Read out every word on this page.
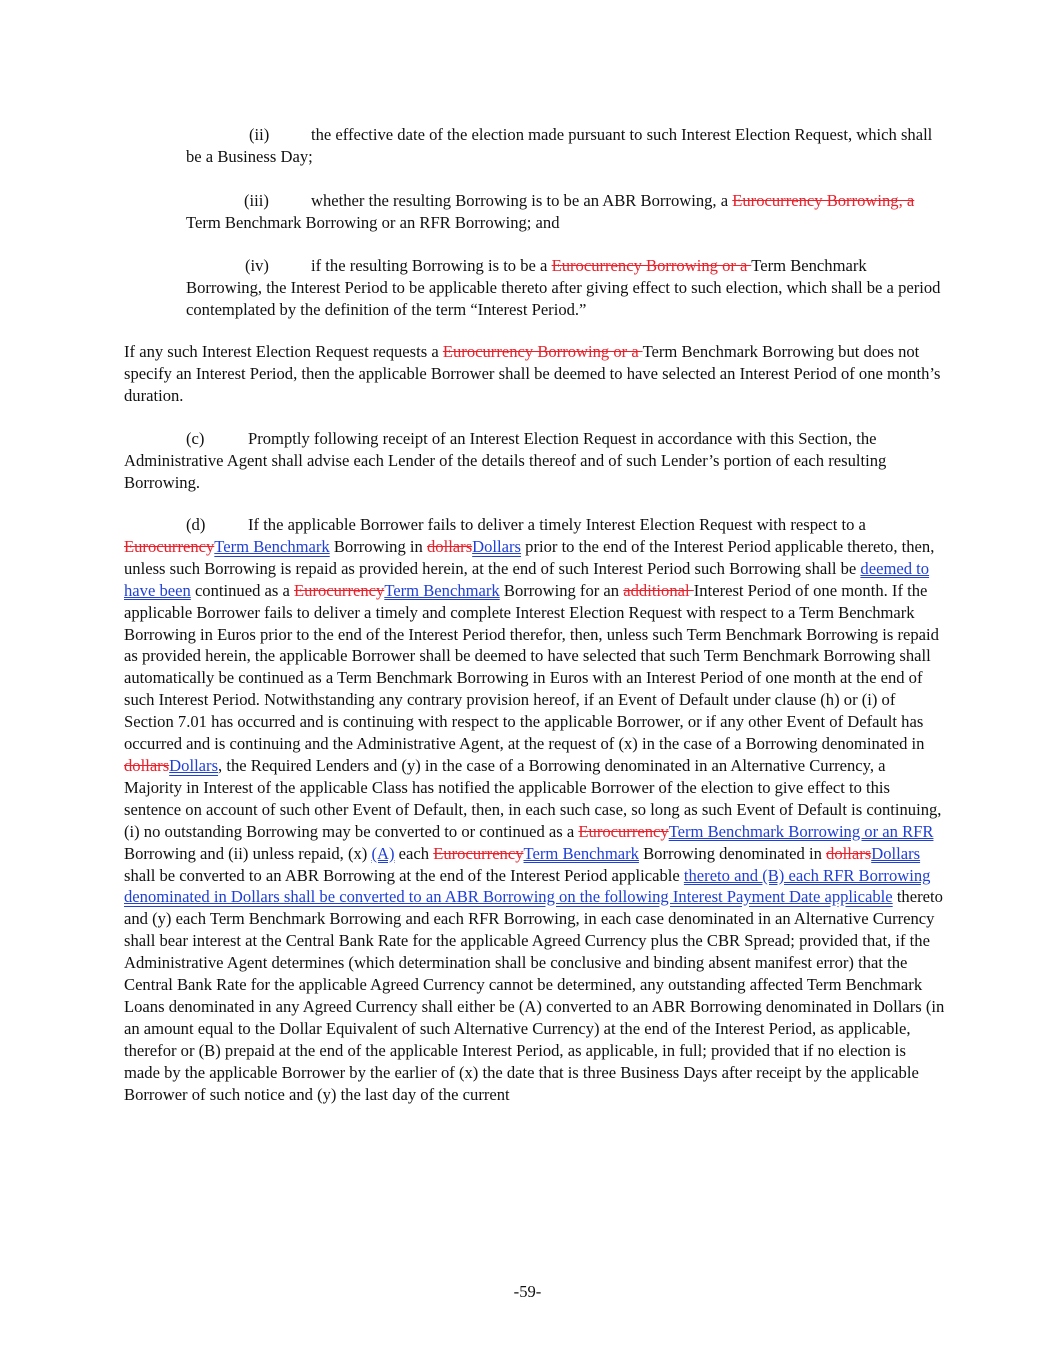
(ii)	the effective date of the election made pursuant to such Interest Election Request, which shall be a Business Day;

(iii)	whether the resulting Borrowing is to be an ABR Borrowing, a Eurocurrency Borrowing, a Term Benchmark Borrowing or an RFR Borrowing; and

(iv)	if the resulting Borrowing is to be a Eurocurrency Borrowing or a Term Benchmark Borrowing, the Interest Period to be applicable thereto after giving effect to such election, which shall be a period contemplated by the definition of the term “Interest Period.”

If any such Interest Election Request requests a Eurocurrency Borrowing or a Term Benchmark Borrowing but does not specify an Interest Period, then the applicable Borrower shall be deemed to have selected an Interest Period of one month’s duration.

(c)	Promptly following receipt of an Interest Election Request in accordance with this Section, the Administrative Agent shall advise each Lender of the details thereof and of such Lender’s portion of each resulting Borrowing.

(d)	If the applicable Borrower fails to deliver a timely Interest Election Request with respect to a EurocurrencyTerm Benchmark Borrowing in dollarsDollars prior to the end of the Interest Period applicable thereto, then, unless such Borrowing is repaid as provided herein, at the end of such Interest Period such Borrowing shall be deemed to have been continued as a EurocurrencyTerm Benchmark Borrowing for an additional Interest Period of one month. If the applicable Borrower fails to deliver a timely and complete Interest Election Request with respect to a Term Benchmark Borrowing in Euros prior to the end of the Interest Period therefor, then, unless such Term Benchmark Borrowing is repaid as provided herein, the applicable Borrower shall be deemed to have selected that such Term Benchmark Borrowing shall automatically be continued as a Term Benchmark Borrowing in Euros with an Interest Period of one month at the end of such Interest Period. Notwithstanding any contrary provision hereof, if an Event of Default under clause (h) or (i) of Section 7.01 has occurred and is continuing with respect to the applicable Borrower, or if any other Event of Default has occurred and is continuing and the Administrative Agent, at the request of (x) in the case of a Borrowing denominated in dollarsDollars, the Required Lenders and (y) in the case of a Borrowing denominated in an Alternative Currency, a Majority in Interest of the applicable Class has notified the applicable Borrower of the election to give effect to this sentence on account of such other Event of Default, then, in each such case, so long as such Event of Default is continuing, (i) no outstanding Borrowing may be converted to or continued as a EurocurrencyTerm Benchmark Borrowing or an RFR Borrowing and (ii) unless repaid, (x) (A) each EurocurrencyTerm Benchmark Borrowing denominated in dollarsDollars shall be converted to an ABR Borrowing at the end of the Interest Period applicable thereto and (B) each RFR Borrowing denominated in Dollars shall be converted to an ABR Borrowing on the following Interest Payment Date applicable thereto and (y) each Term Benchmark Borrowing and each RFR Borrowing, in each case denominated in an Alternative Currency shall bear interest at the Central Bank Rate for the applicable Agreed Currency plus the CBR Spread; provided that, if the Administrative Agent determines (which determination shall be conclusive and binding absent manifest error) that the Central Bank Rate for the applicable Agreed Currency cannot be determined, any outstanding affected Term Benchmark Loans denominated in any Agreed Currency shall either be (A) converted to an ABR Borrowing denominated in Dollars (in an amount equal to the Dollar Equivalent of such Alternative Currency) at the end of the Interest Period, as applicable, therefor or (B) prepaid at the end of the applicable Interest Period, as applicable, in full; provided that if no election is made by the applicable Borrower by the earlier of (x) the date that is three Business Days after receipt by the applicable Borrower of such notice and (y) the last day of the current

-59-
